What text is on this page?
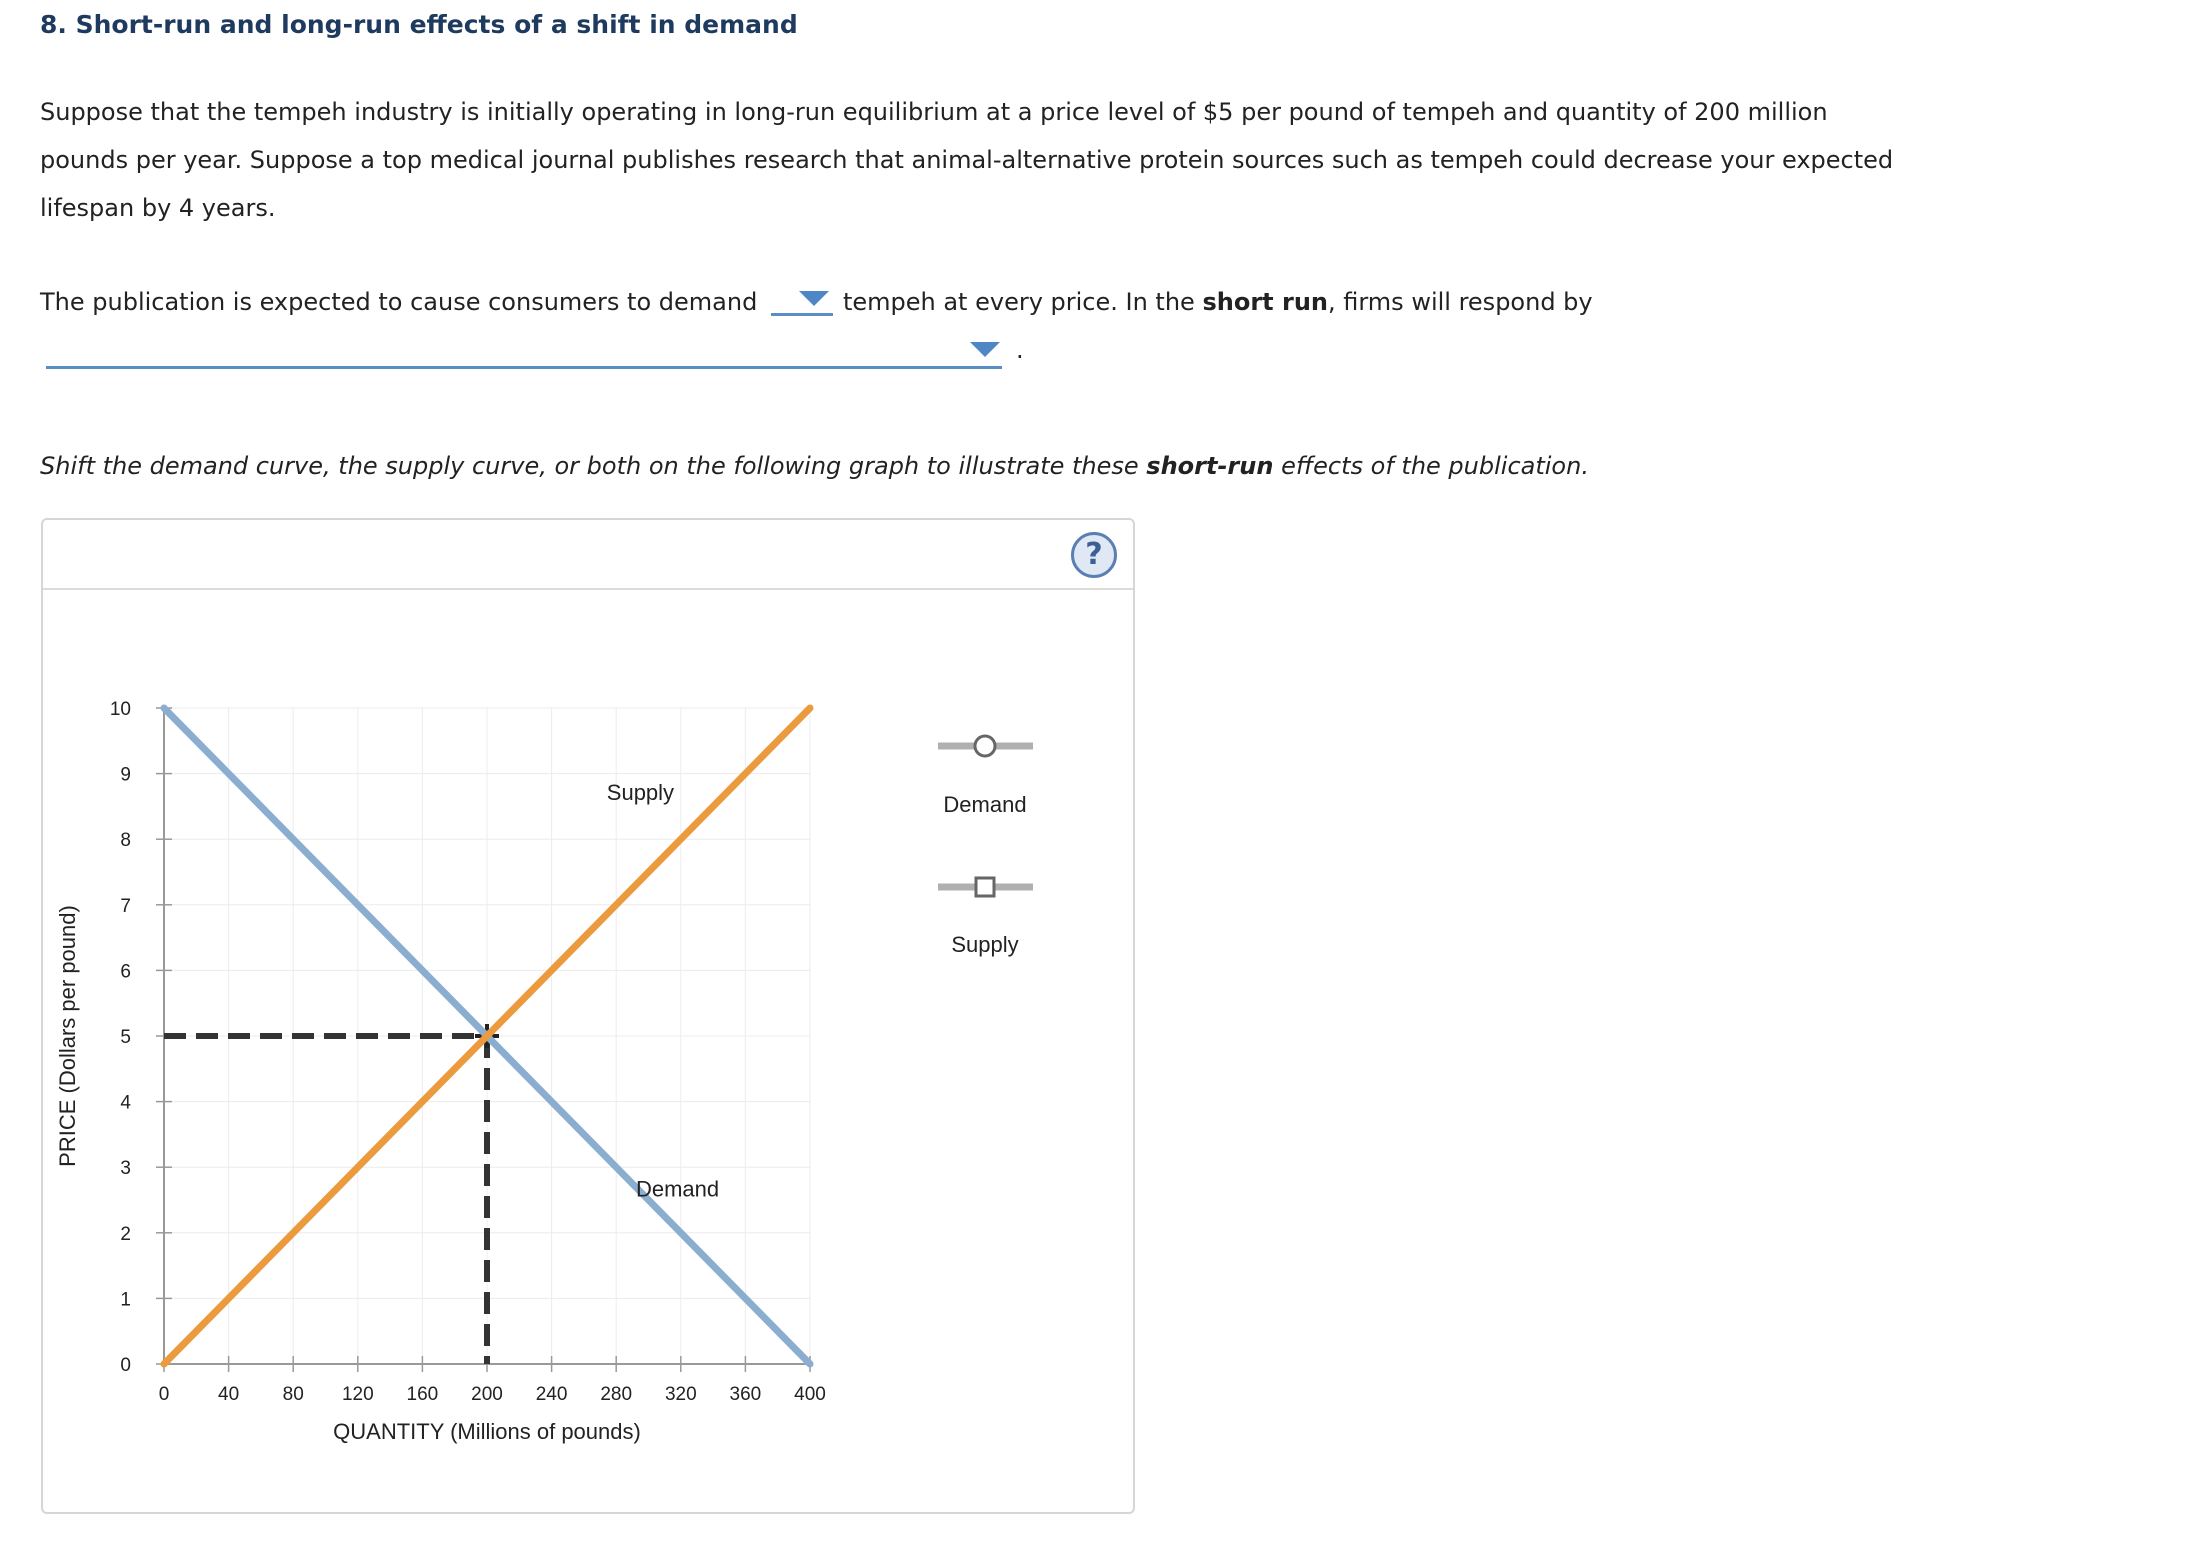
8. Short-run and long-run effects of a shift in demand

Suppose that the tempeh industry is initially operating in long-run equilibrium at a price level of $5 per pound of tempeh and quantity of 200 million pounds per year. Suppose a top medical journal publishes research that animal-alternative protein sources such as tempeh could decrease your expected lifespan by 4 years.

The publication is expected to cause consumers to demand	tempeh at every price. In the short run, firms will respond by

.

Shift the demand curve, the supply curve, or both on the following graph to illustrate these short-run effects of the publication.

?
0	40 80 120 160 200 240 280 320 360 400
0
1
2
3
4
5
6
7
8
9
10
Supply
Demand
QUANTITY (Millions of pounds)
PRICE (Dollars per pound)
Demand
Supply
